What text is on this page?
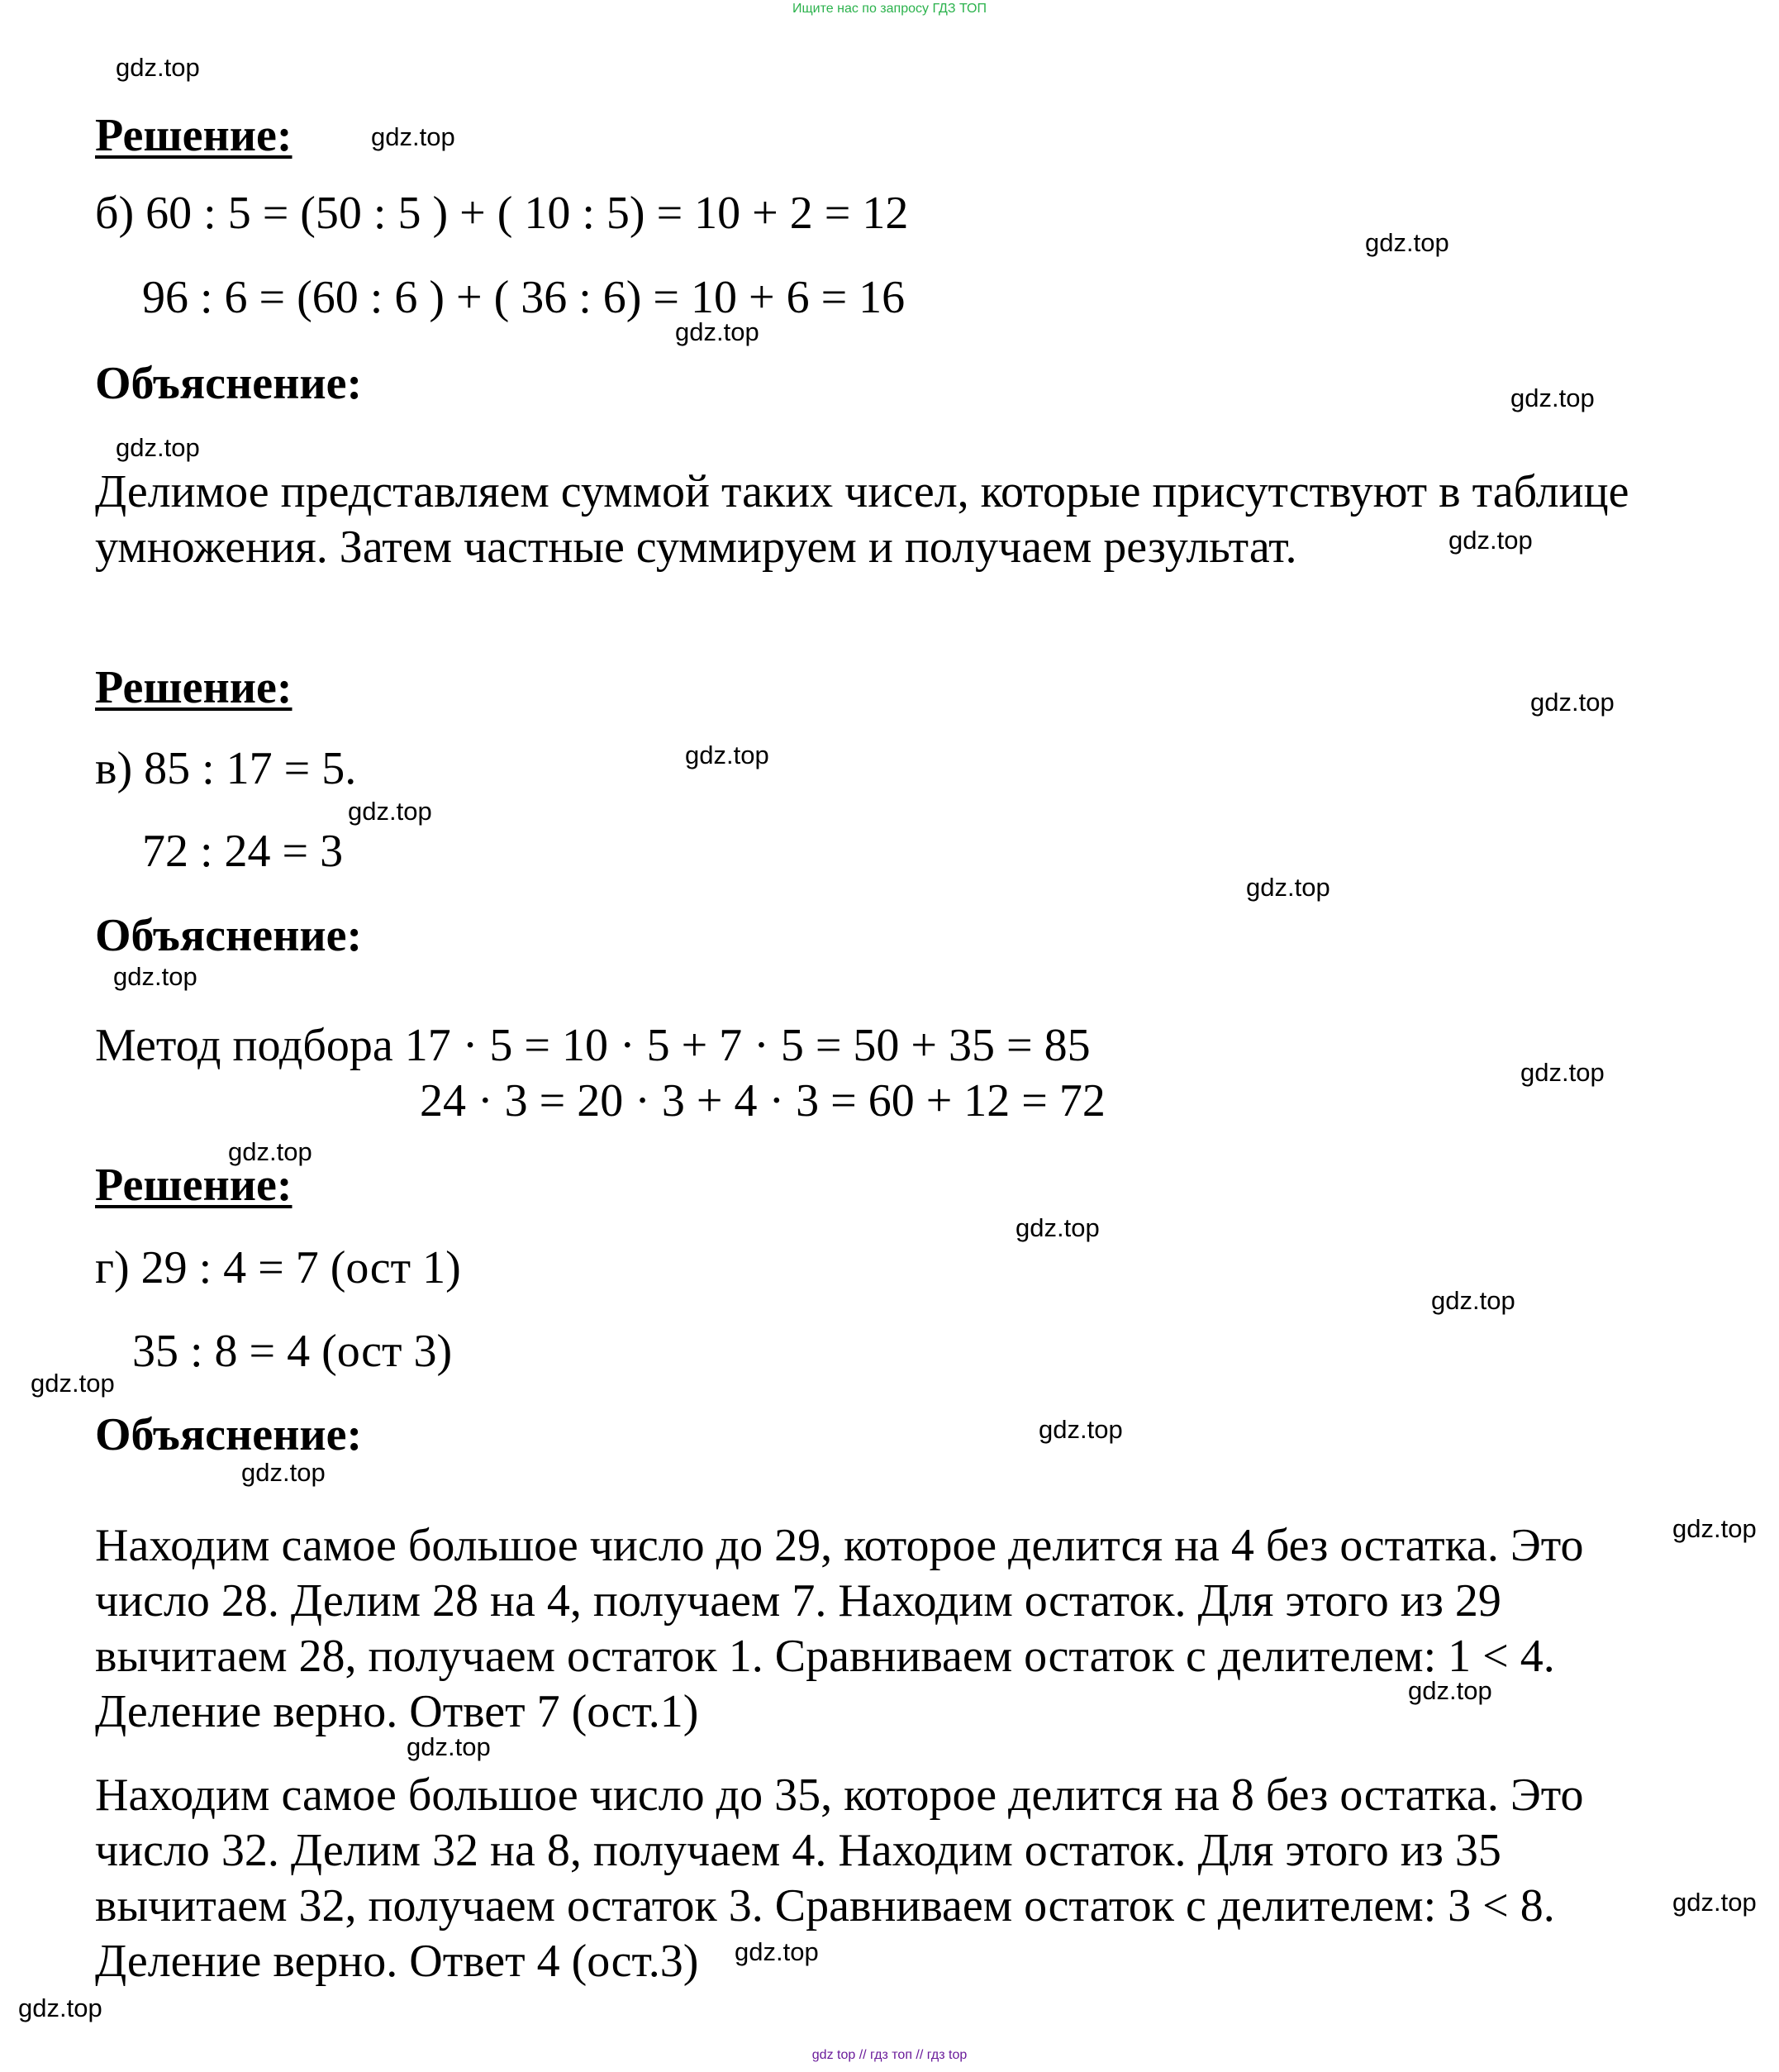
Ищите нас по запросу ГДЗ ТОП
gdz top // гдз топ // гдз top
Решение:
б) 60 : 5 = (50 : 5 ) + ( 10 : 5) = 10 + 2 = 12
96 : 6 = (60 : 6 ) + ( 36 : 6) = 10 + 6 = 16
Объяснение:
Делимое представляем суммой таких чисел, которые присутствуют в таблице
умножения. Затем частные суммируем и получаем результат.
Решение:
в) 85 : 17 = 5.
72 : 24 = 3
Объяснение:
Метод подбора 17 · 5 = 10 · 5 + 7 · 5 = 50 + 35 = 85
24 · 3 = 20 · 3 + 4 · 3 = 60 + 12 = 72
Решение:
г) 29 : 4 = 7 (ост 1)
35 : 8 = 4 (ост 3)
Объяснение:
Находим самое большое число до 29, которое делится на 4 без остатка. Это
число 28. Делим 28 на 4, получаем 7. Находим остаток. Для этого из 29
вычитаем 28, получаем остаток 1. Сравниваем остаток с делителем: 1 < 4.
Деление верно. Ответ 7 (ост.1)
Находим самое большое число до 35, которое делится на 8 без остатка. Это
число 32. Делим 32 на 8, получаем 4. Находим остаток. Для этого из 35
вычитаем 32, получаем остаток 3. Сравниваем остаток с делителем: 3 < 8.
Деление верно. Ответ 4 (ост.3)
gdz.top
gdz.top
gdz.top
gdz.top
gdz.top
gdz.top
gdz.top
gdz.top
gdz.top
gdz.top
gdz.top
gdz.top
gdz.top
gdz.top
gdz.top
gdz.top
gdz.top
gdz.top
gdz.top
gdz.top
gdz.top
gdz.top
gdz.top
gdz.top
gdz.top
